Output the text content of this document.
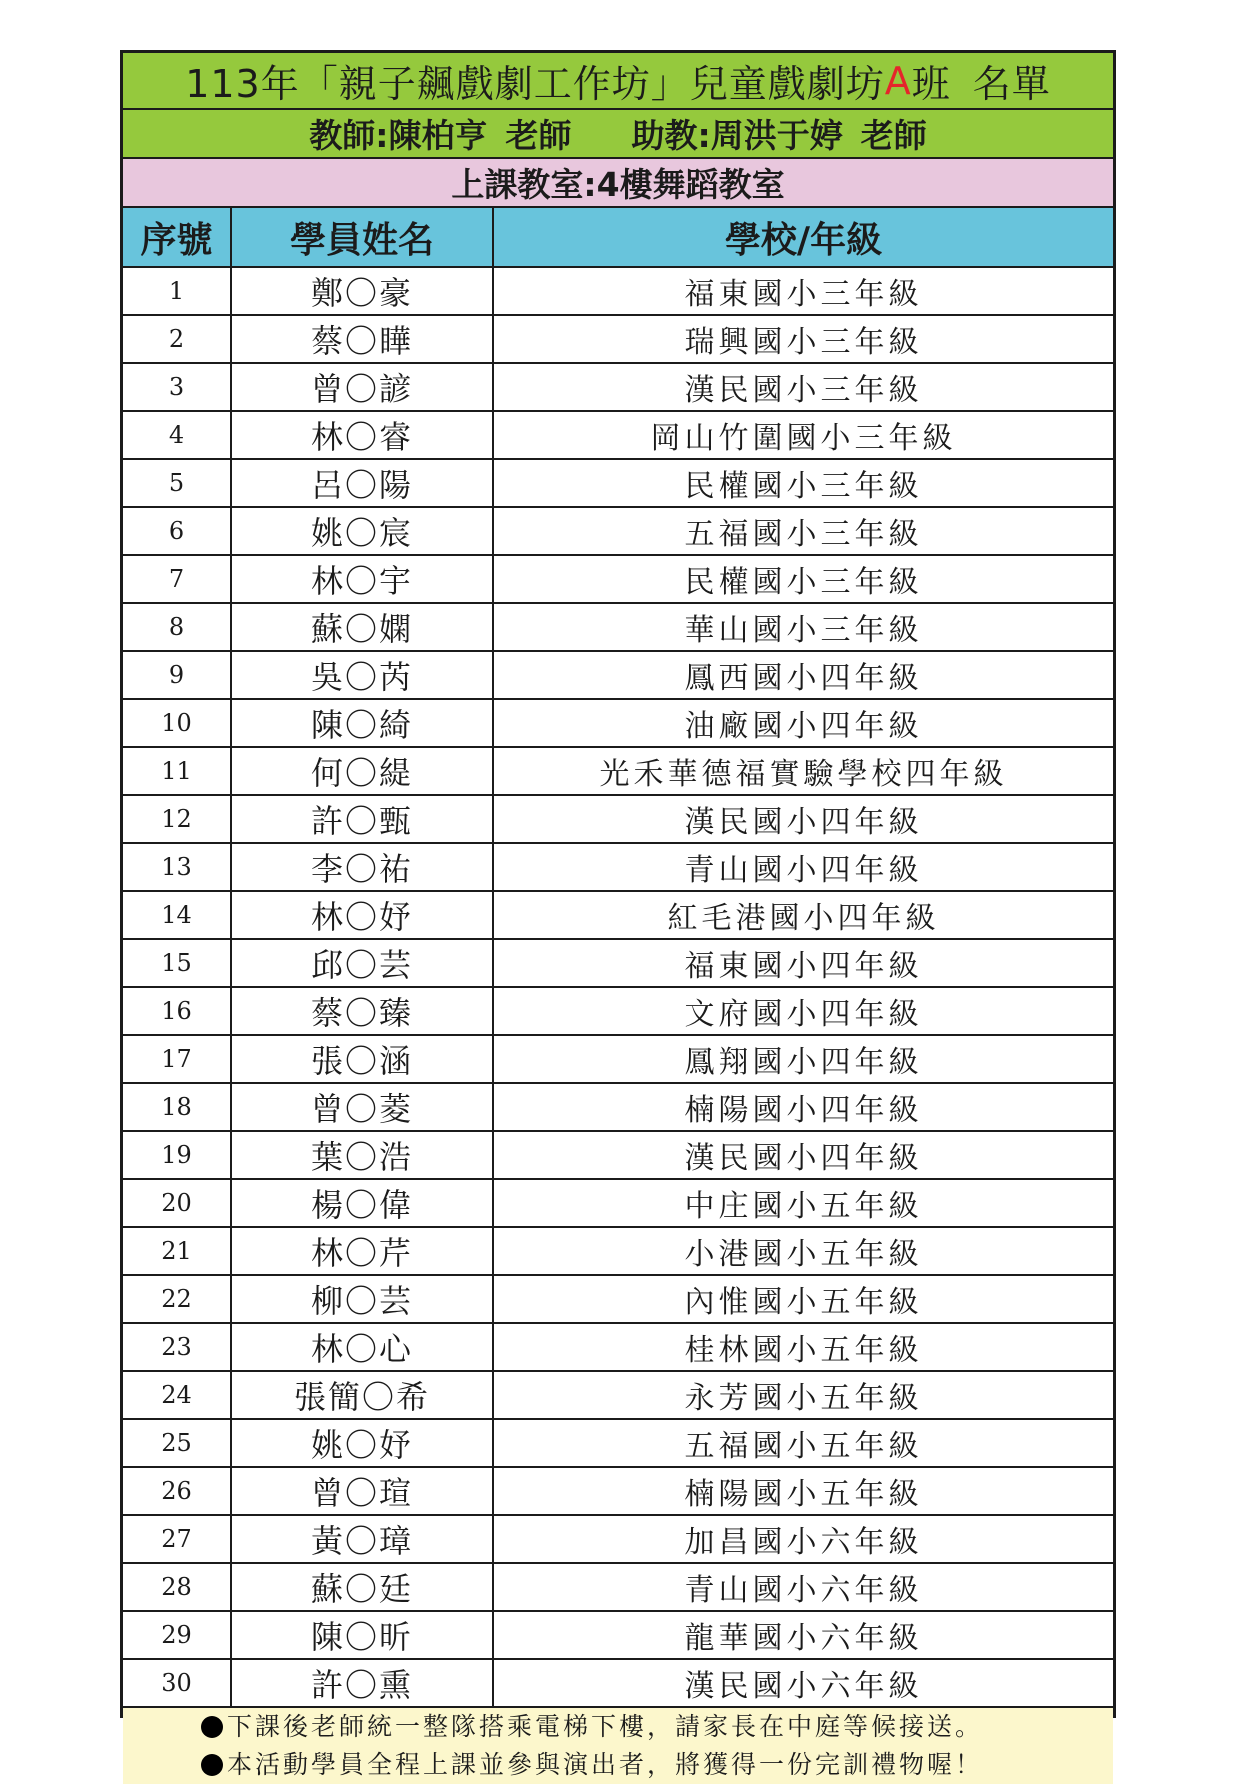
113年「親子飆戲劇工作坊」兒童戲劇坊 A 班 名單
教師:陳柏亨 老師 助教:周洪于婷 老師
上課教室:4樓舞蹈教室
序號	學員姓名	學校/年級
1	鄭〇豪	福東國小三年級
2	蔡〇瞱	瑞興國小三年級
3	曾〇諺	漢民國小三年級
4	林〇睿	岡山竹圍國小三年級
5	呂〇陽	民權國小三年級
6	姚〇宸	五福國小三年級
7	林〇宇	民權國小三年級
8	蘇〇嫻	華山國小三年級
9	吳〇芮	鳳西國小四年級
10	陳〇綺	油廠國小四年級
11	何〇緹	光禾華德福實驗學校四年級
12	許〇甄	漢民國小四年級
13	李〇祐	青山國小四年級
14	林〇妤	紅毛港國小四年級
15	邱〇芸	福東國小四年級
16	蔡〇臻	文府國小四年級
17	張〇涵	鳳翔國小四年級
18	曾〇菱	楠陽國小四年級
19	葉〇浩	漢民國小四年級
20	楊〇偉	中庄國小五年級
21	林〇芹	小港國小五年級
22	柳〇芸	內惟國小五年級
23	林〇心	桂林國小五年級
24	張簡〇希	永芳國小五年級
25	姚〇妤	五福國小五年級
26	曾〇瑄	楠陽國小五年級
27	黃〇璋	加昌國小六年級
28	蘇〇廷	青山國小六年級
29	陳〇昕	龍華國小六年級
30	許〇熏	漢民國小六年級
下課後老師統一整隊搭乘電梯下樓，請家長在中庭等候接送。
本活動學員全程上課並參與演出者，將獲得一份完訓禮物喔！
